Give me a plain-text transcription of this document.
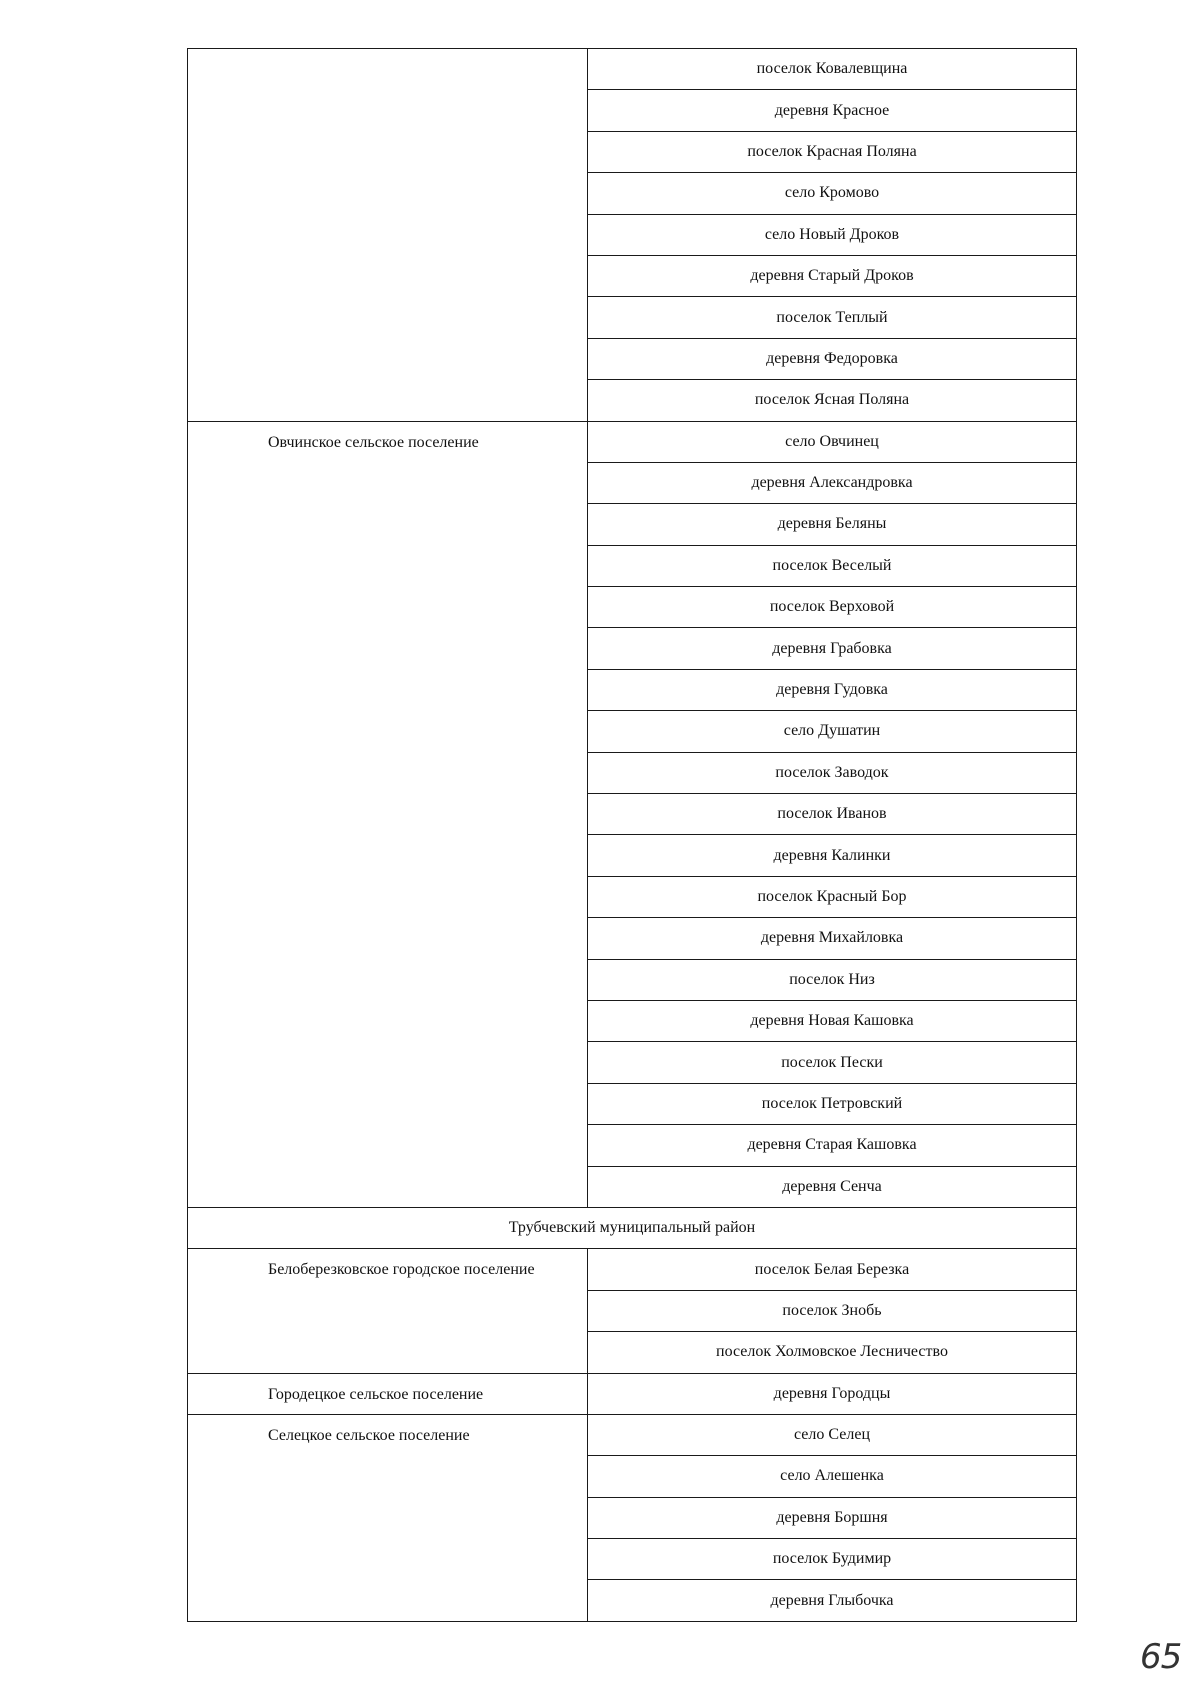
	поселок Ковалевщина
	деревня Красное
	поселок Красная Поляна
	село Кромово
	село Новый Дроков
	деревня Старый Дроков
	поселок Теплый
	деревня Федоровка
	поселок Ясная Поляна
Овчинское сельское поселение	село Овчинец
	деревня Александровка
	деревня Беляны
	поселок Веселый
	поселок Верховой
	деревня Грабовка
	деревня Гудовка
	село Душатин
	поселок Заводок
	поселок Иванов
	деревня Калинки
	поселок Красный Бор
	деревня Михайловка
	поселок Низ
	деревня Новая Кашовка
	поселок Пески
	поселок Петровский
	деревня Старая Кашовка
	деревня Сенча
Трубчевский муниципальный район	
Белоберезковское городское поселение	поселок Белая Березка
	поселок Знобь
	поселок Холмовское Лесничество
Городецкое сельское поселение	деревня Городцы
Селецкое сельское поселение	село Селец
	село Алешенка
	деревня Боршня
	поселок Будимир
	деревня Глыбочка
65
